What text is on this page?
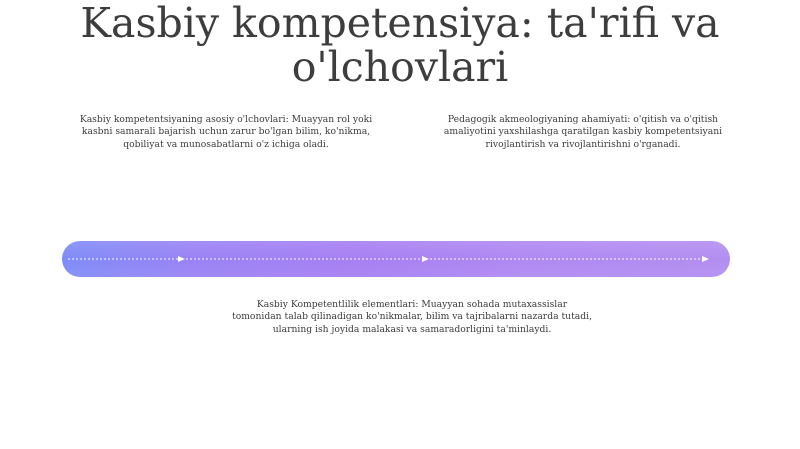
Kasbiy kompetensiya: ta'rifi va o'lchovlari
Kasbiy kompetentsiyaning asosiy o'lchovlari: Muayyan rol yoki kasbni samarali bajarish uchun zarur bo'lgan bilim, ko'nikma, qobiliyat va munosabatlarni o'z ichiga oladi.
Pedagogik akmeologiyaning ahamiyati: o'qitish va o'qitish amaliyotini yaxshilashga qaratilgan kasbiy kompetentsiyani rivojlantirish va rivojlantirishni o'rganadi.
Kasbiy Kompetentlilik elementlari: Muayyan sohada mutaxassislar tomonidan talab qilinadigan ko'nikmalar, bilim va tajribalarni nazarda tutadi, ularning ish joyida malakasi va samaradorligini ta'minlaydi.
